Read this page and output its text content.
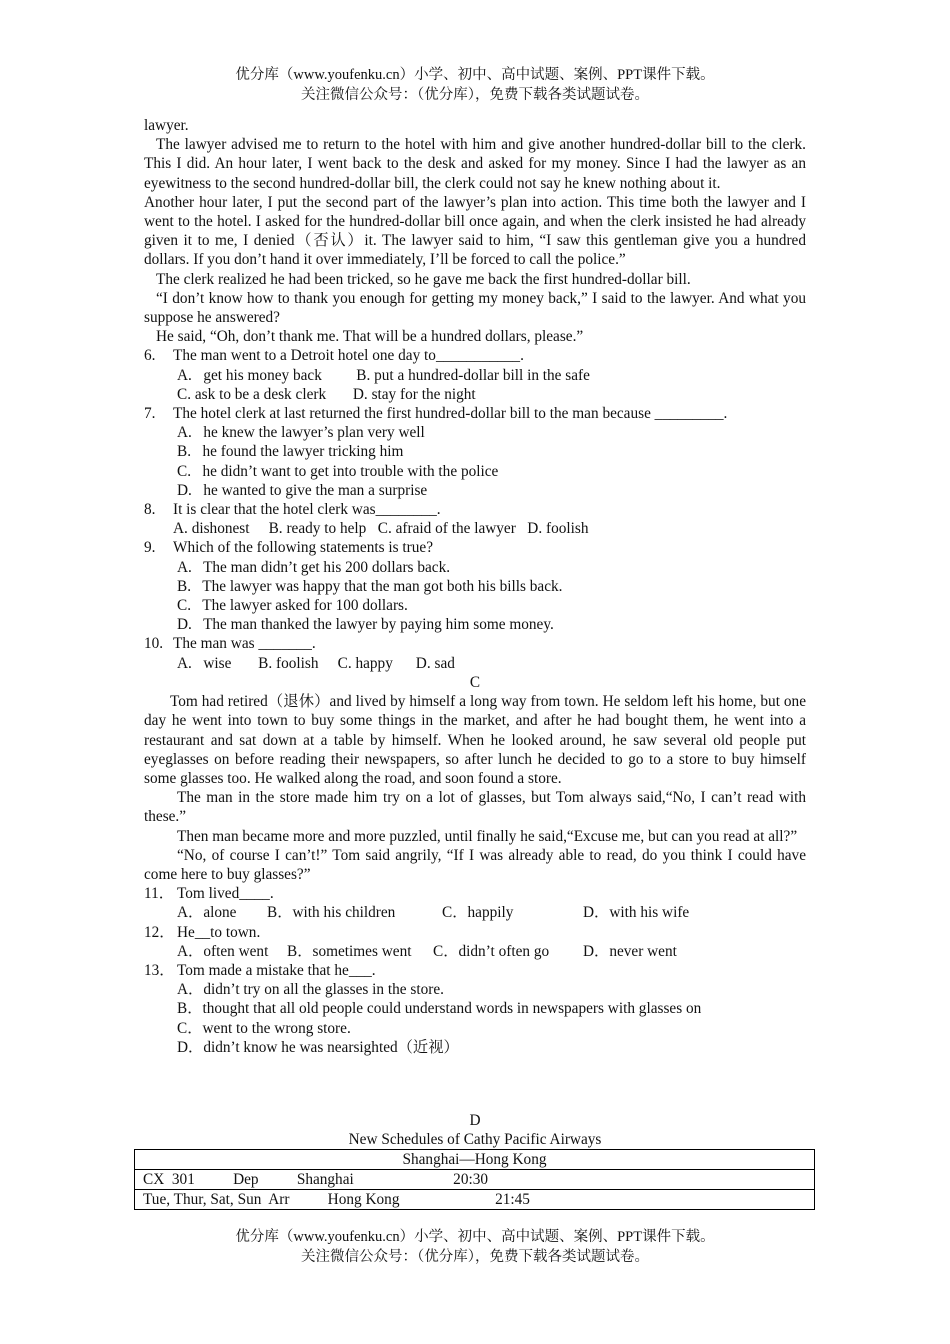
优分库（www.youfenku.cn）小学、初中、高中试题、案例、PPT课件下载。
关注微信公众号：（优分库），免费下载各类试题试卷。

lawyer.

The lawyer advised me to return to the hotel with him and give another hundred-dollar bill to the clerk. This I did. An hour later, I went back to the desk and asked for my money. Since I had the lawyer as an eyewitness to the second hundred-dollar bill, the clerk could not say he knew nothing about it.

Another hour later, I put the second part of the lawyer’s plan into action. This time both the lawyer and I went to the hotel. I asked for the hundred-dollar bill once again, and when the clerk insisted he had already given it to me, I denied（否认）it. The lawyer said to him, “I saw this gentleman give you a hundred dollars. If you don’t hand it over immediately, I’ll be forced to call the police.”

The clerk realized he had been tricked, so he gave me back the first hundred-dollar bill.

“I don’t know how to thank you enough for getting my money back,” I said to the lawyer. And what you suppose he answered?

He said, “Oh, don’t thank me. That will be a hundred dollars, please.”

6.	The man went to a Detroit hotel one day to___________.
A.   get his money back         B. put a hundred-dollar bill in the safe
C. ask to be a desk clerk       D. stay for the night
7.	The hotel clerk at last returned the first hundred-dollar bill to the man because _________.
A.   he knew the lawyer’s plan very well
B.   he found the lawyer tricking him
C.   he didn’t want to get into trouble with the police
D.   he wanted to give the man a surprise
8.	It is clear that the hotel clerk was________.
A. dishonest     B. ready to help   C. afraid of the lawyer   D. foolish
9.	Which of the following statements is true?
A.   The man didn’t get his 200 dollars back.
B.   The lawyer was happy that the man got both his bills back.
C.   The lawyer asked for 100 dollars.
D.   The man thanked the lawyer by paying him some money.
10. The man was _______.
A.   wise       B. foolish     C. happy      D. sad

C

Tom had retired（退休）and lived by himself a long way from town. He seldom left his home, but one day he went into town to buy some things in the market, and after he had bought them, he went into a restaurant and sat down at a table by himself. When he looked around, he saw several old people put eyeglasses on before reading their newspapers, so after lunch he decided to go to a store to buy himself some glasses too. He walked along the road, and soon found a store.

The man in the store made him try on a lot of glasses, but Tom always said,“No, I can’t read with these.”

Then man became more and more puzzled, until finally he said,“Excuse me, but can you read at all?”

“No, of course I can’t!” Tom said angrily, “If I was already able to read, do you think I could have come here to buy glasses?”

11． Tom lived____.
A．alone	B．with his children	C．happily	D．with his wife
12． He__to town.
A．often went	B．sometimes went	C．didn’t often go	D．never went
13． Tom made a mistake that he___.
A．didn’t try on all the glasses in the store.
B．thought that all old people could understand words in newspapers with glasses on
C．went to the wrong store.
D．didn’t know he was nearsighted（近视）
D
New Schedules of Cathy Pacific Airways
Shanghai—Hong Kong
CX  301          Dep          Shanghai                          20:30
Tue, Thur, Sat, Sun  Arr          Hong Kong                         21:45
优分库（www.youfenku.cn）小学、初中、高中试题、案例、PPT课件下载。
关注微信公众号：（优分库），免费下载各类试题试卷。
